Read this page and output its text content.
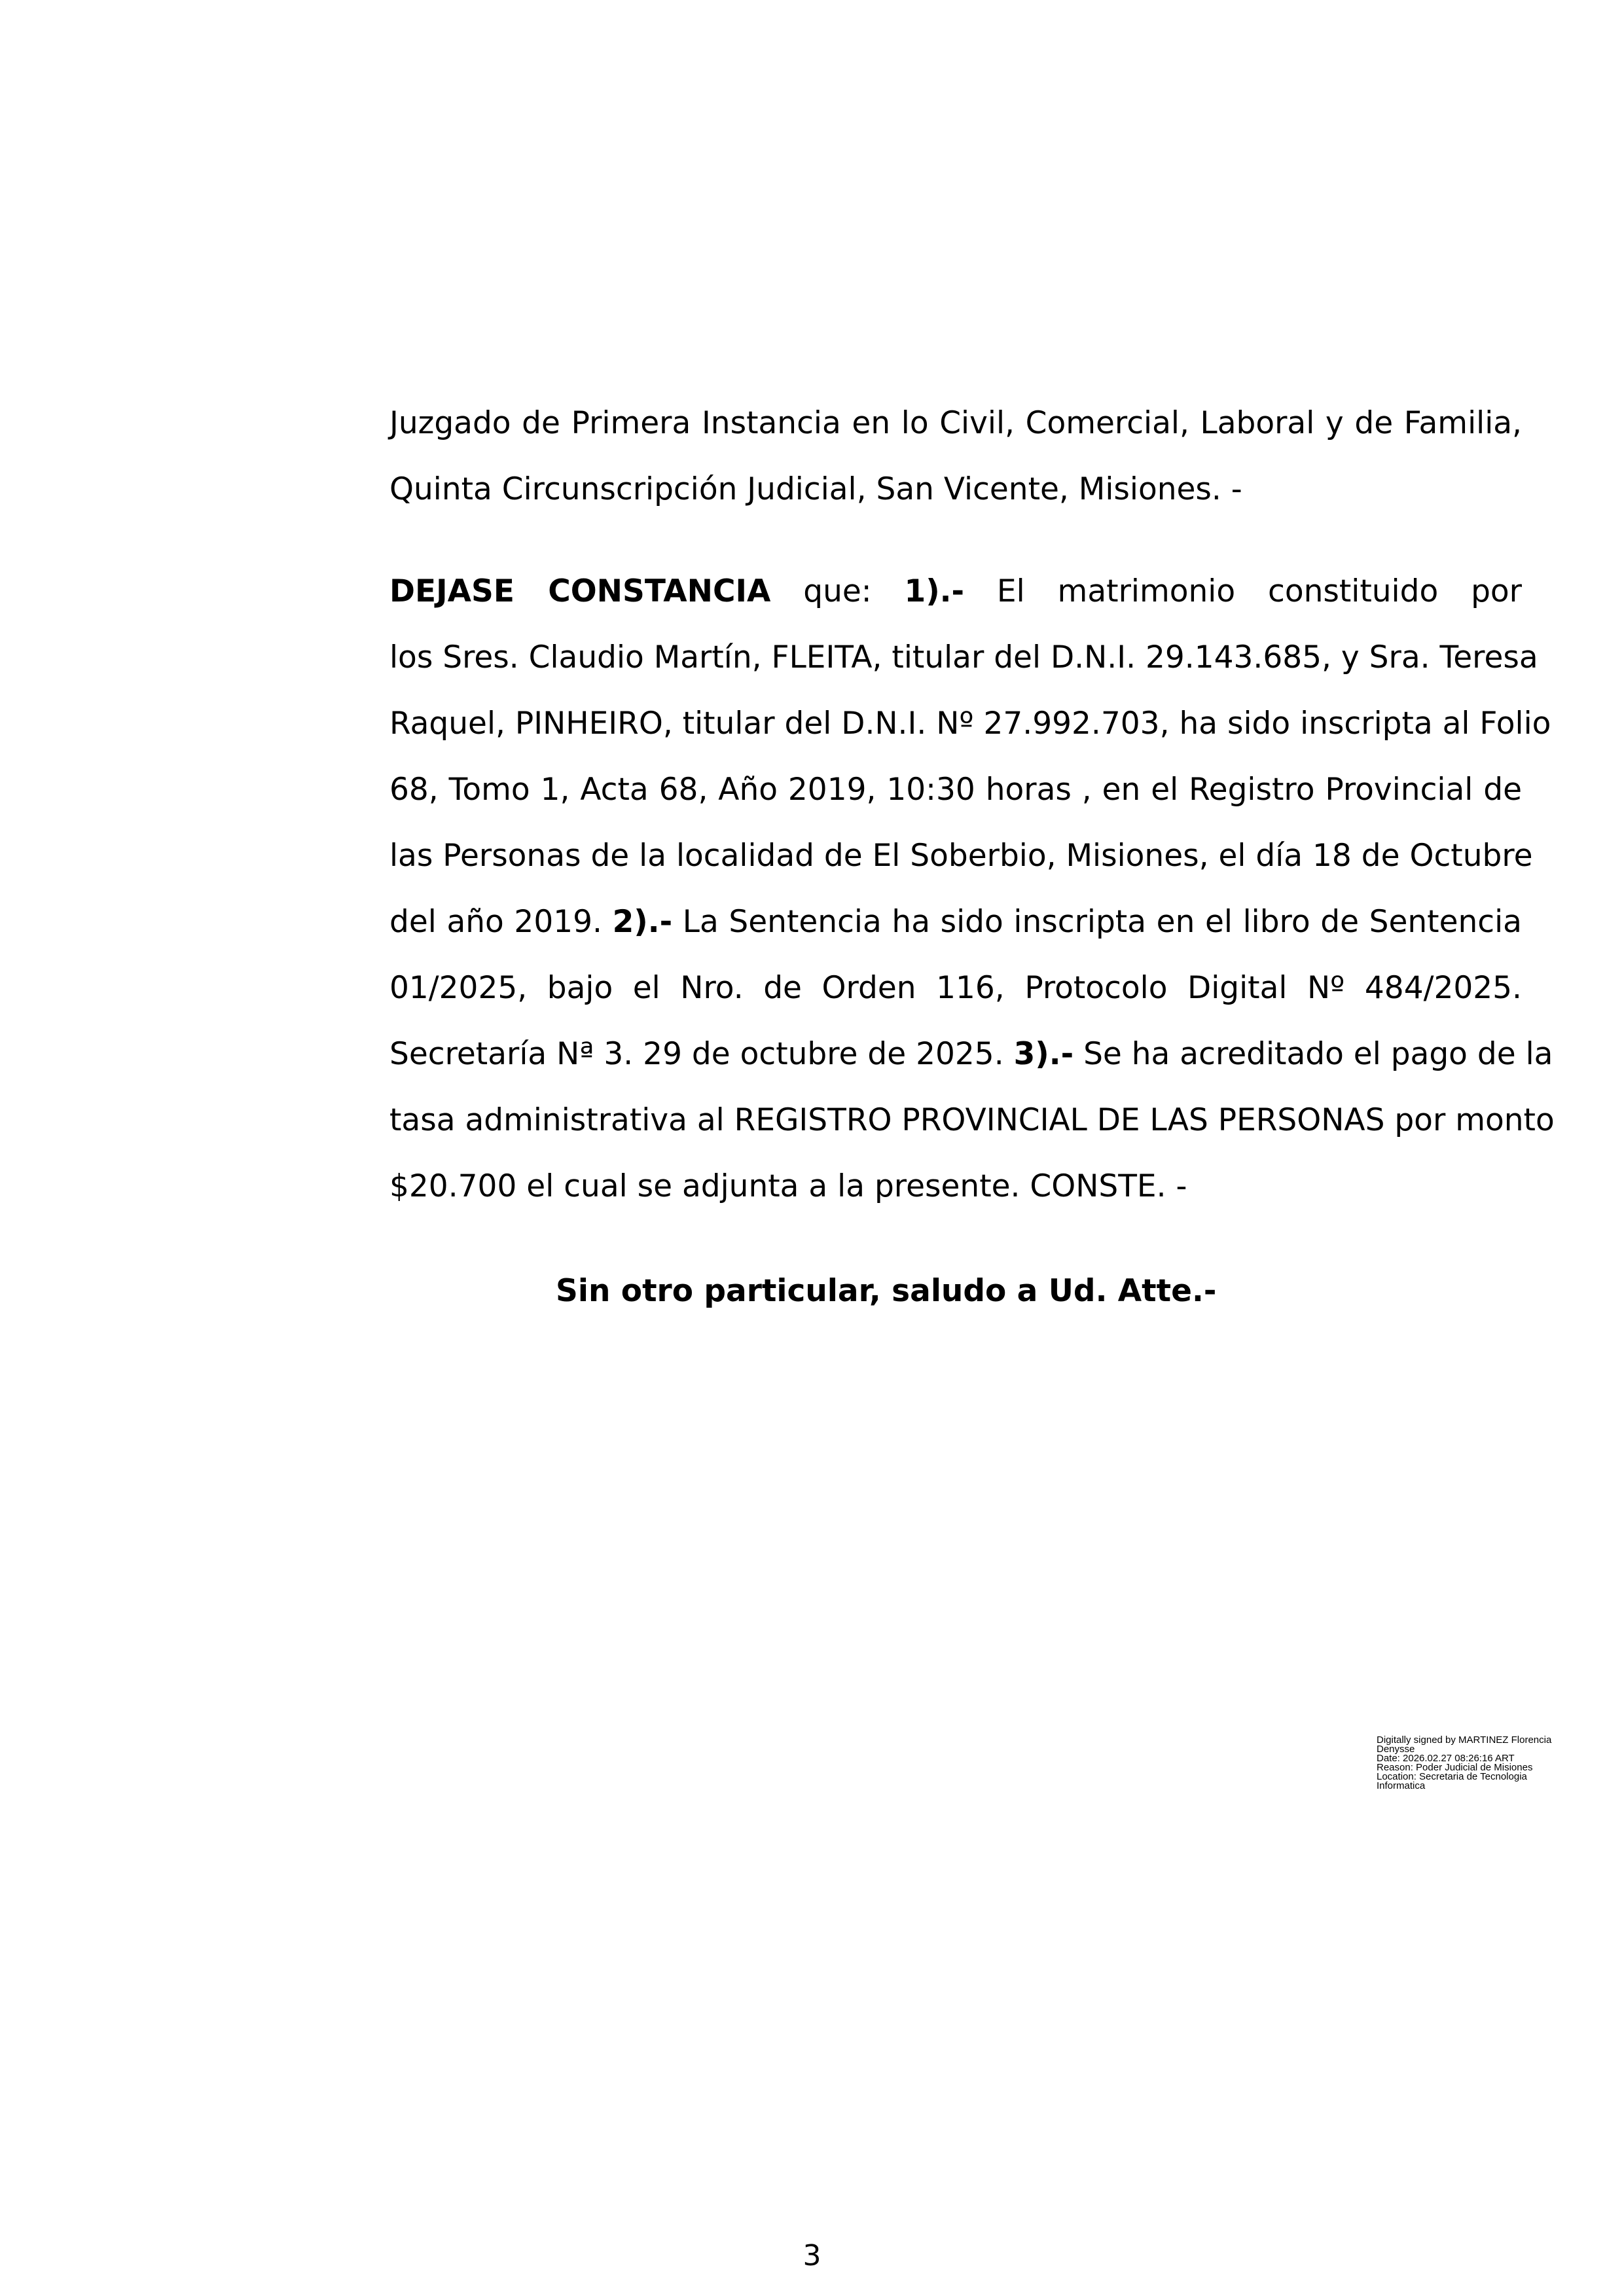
Juzgado de Primera Instancia en lo Civil, Comercial, Laboral y de Familia,
Quinta Circunscripción Judicial, San Vicente, Misiones. -
DEJASE CONSTANCIA que: 1).- El matrimonio constituido por
los Sres. Claudio Martín, FLEITA, titular del D.N.I. 29.143.685, y Sra. Teresa
Raquel, PINHEIRO, titular del D.N.I. Nº 27.992.703, ha sido inscripta al Folio
68, Tomo 1, Acta 68, Año 2019, 10:30 horas , en el Registro Provincial de
las Personas de la localidad de El Soberbio, Misiones, el día 18 de Octubre
del año 2019. 2).- La Sentencia ha sido inscripta en el libro de Sentencia
01/2025, bajo el Nro. de Orden 116, Protocolo Digital Nº 484/2025.
Secretaría Nª 3. 29 de octubre de 2025. 3).- Se ha acreditado el pago de la
tasa administrativa al REGISTRO PROVINCIAL DE LAS PERSONAS por monto
$20.700 el cual se adjunta a la presente. CONSTE. -
Sin otro particular, saludo a Ud. Atte.-
Digitally signed by MARTINEZ Florencia
Denysse
Date: 2026.02.27 08:26:16 ART
Reason: Poder Judicial de Misiones
Location: Secretaria de Tecnologia
Informatica
3
